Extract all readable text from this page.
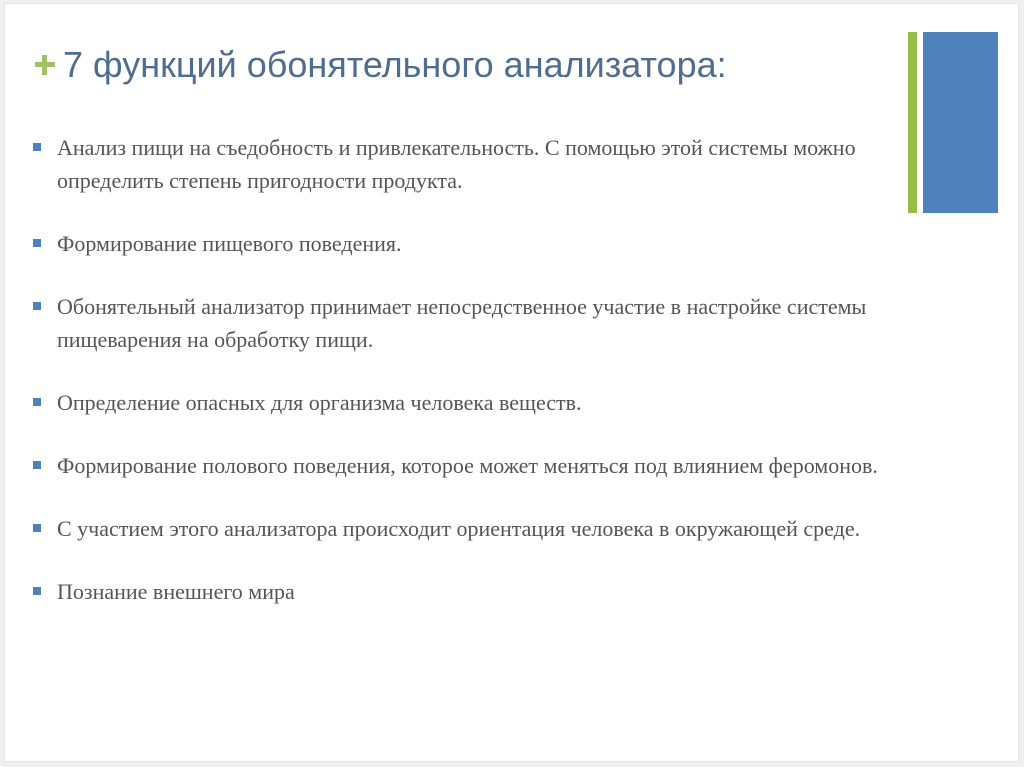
7 функций обонятельного анализатора:
Анализ пищи на съедобность и привлекательность. С помощью этой системы можно определить степень пригодности продукта.
Формирование пищевого поведения.
Обонятельный анализатор принимает непосредственное участие в настройке системы пищеварения на обработку пищи.
Определение опасных для организма человека веществ.
Формирование полового поведения, которое может меняться под влиянием феромонов.
С участием этого анализатора происходит ориентация человека в окружающей среде.
Познание внешнего мира
